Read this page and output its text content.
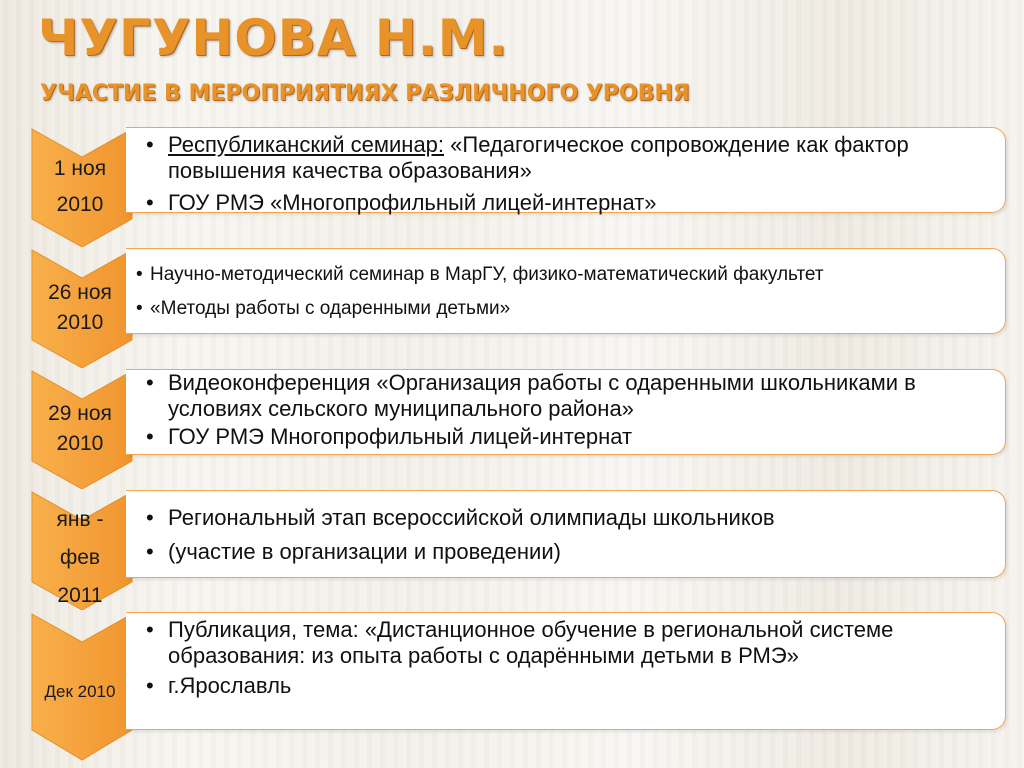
ЧУГУНОВА Н.М.
УЧАСТИЕ В МЕРОПРИЯТИЯХ РАЗЛИЧНОГО УРОВНЯ
1 ноя
2010
• Республиканский семинар: «Педагогическое сопровождение как фактор повышения качества образования»
• ГОУ РМЭ «Многопрофильный лицей-интернат»
26 ноя
2010
• Научно-методический семинар в МарГУ, физико-математический факультет
• «Методы работы с одаренными детьми»
29 ноя
2010
• Видеоконференция «Организация работы с одаренными школьниками в условиях сельского муниципального района»
• ГОУ РМЭ Многопрофильный лицей-интернат
янв -
фев
2011
• Региональный этап всероссийской олимпиады школьников
• (участие в организации и проведении)
Дек 2010
• Публикация, тема: «Дистанционное обучение в региональной системе образования: из опыта работы с одарёнными детьми в РМЭ»
• г.Ярославль
